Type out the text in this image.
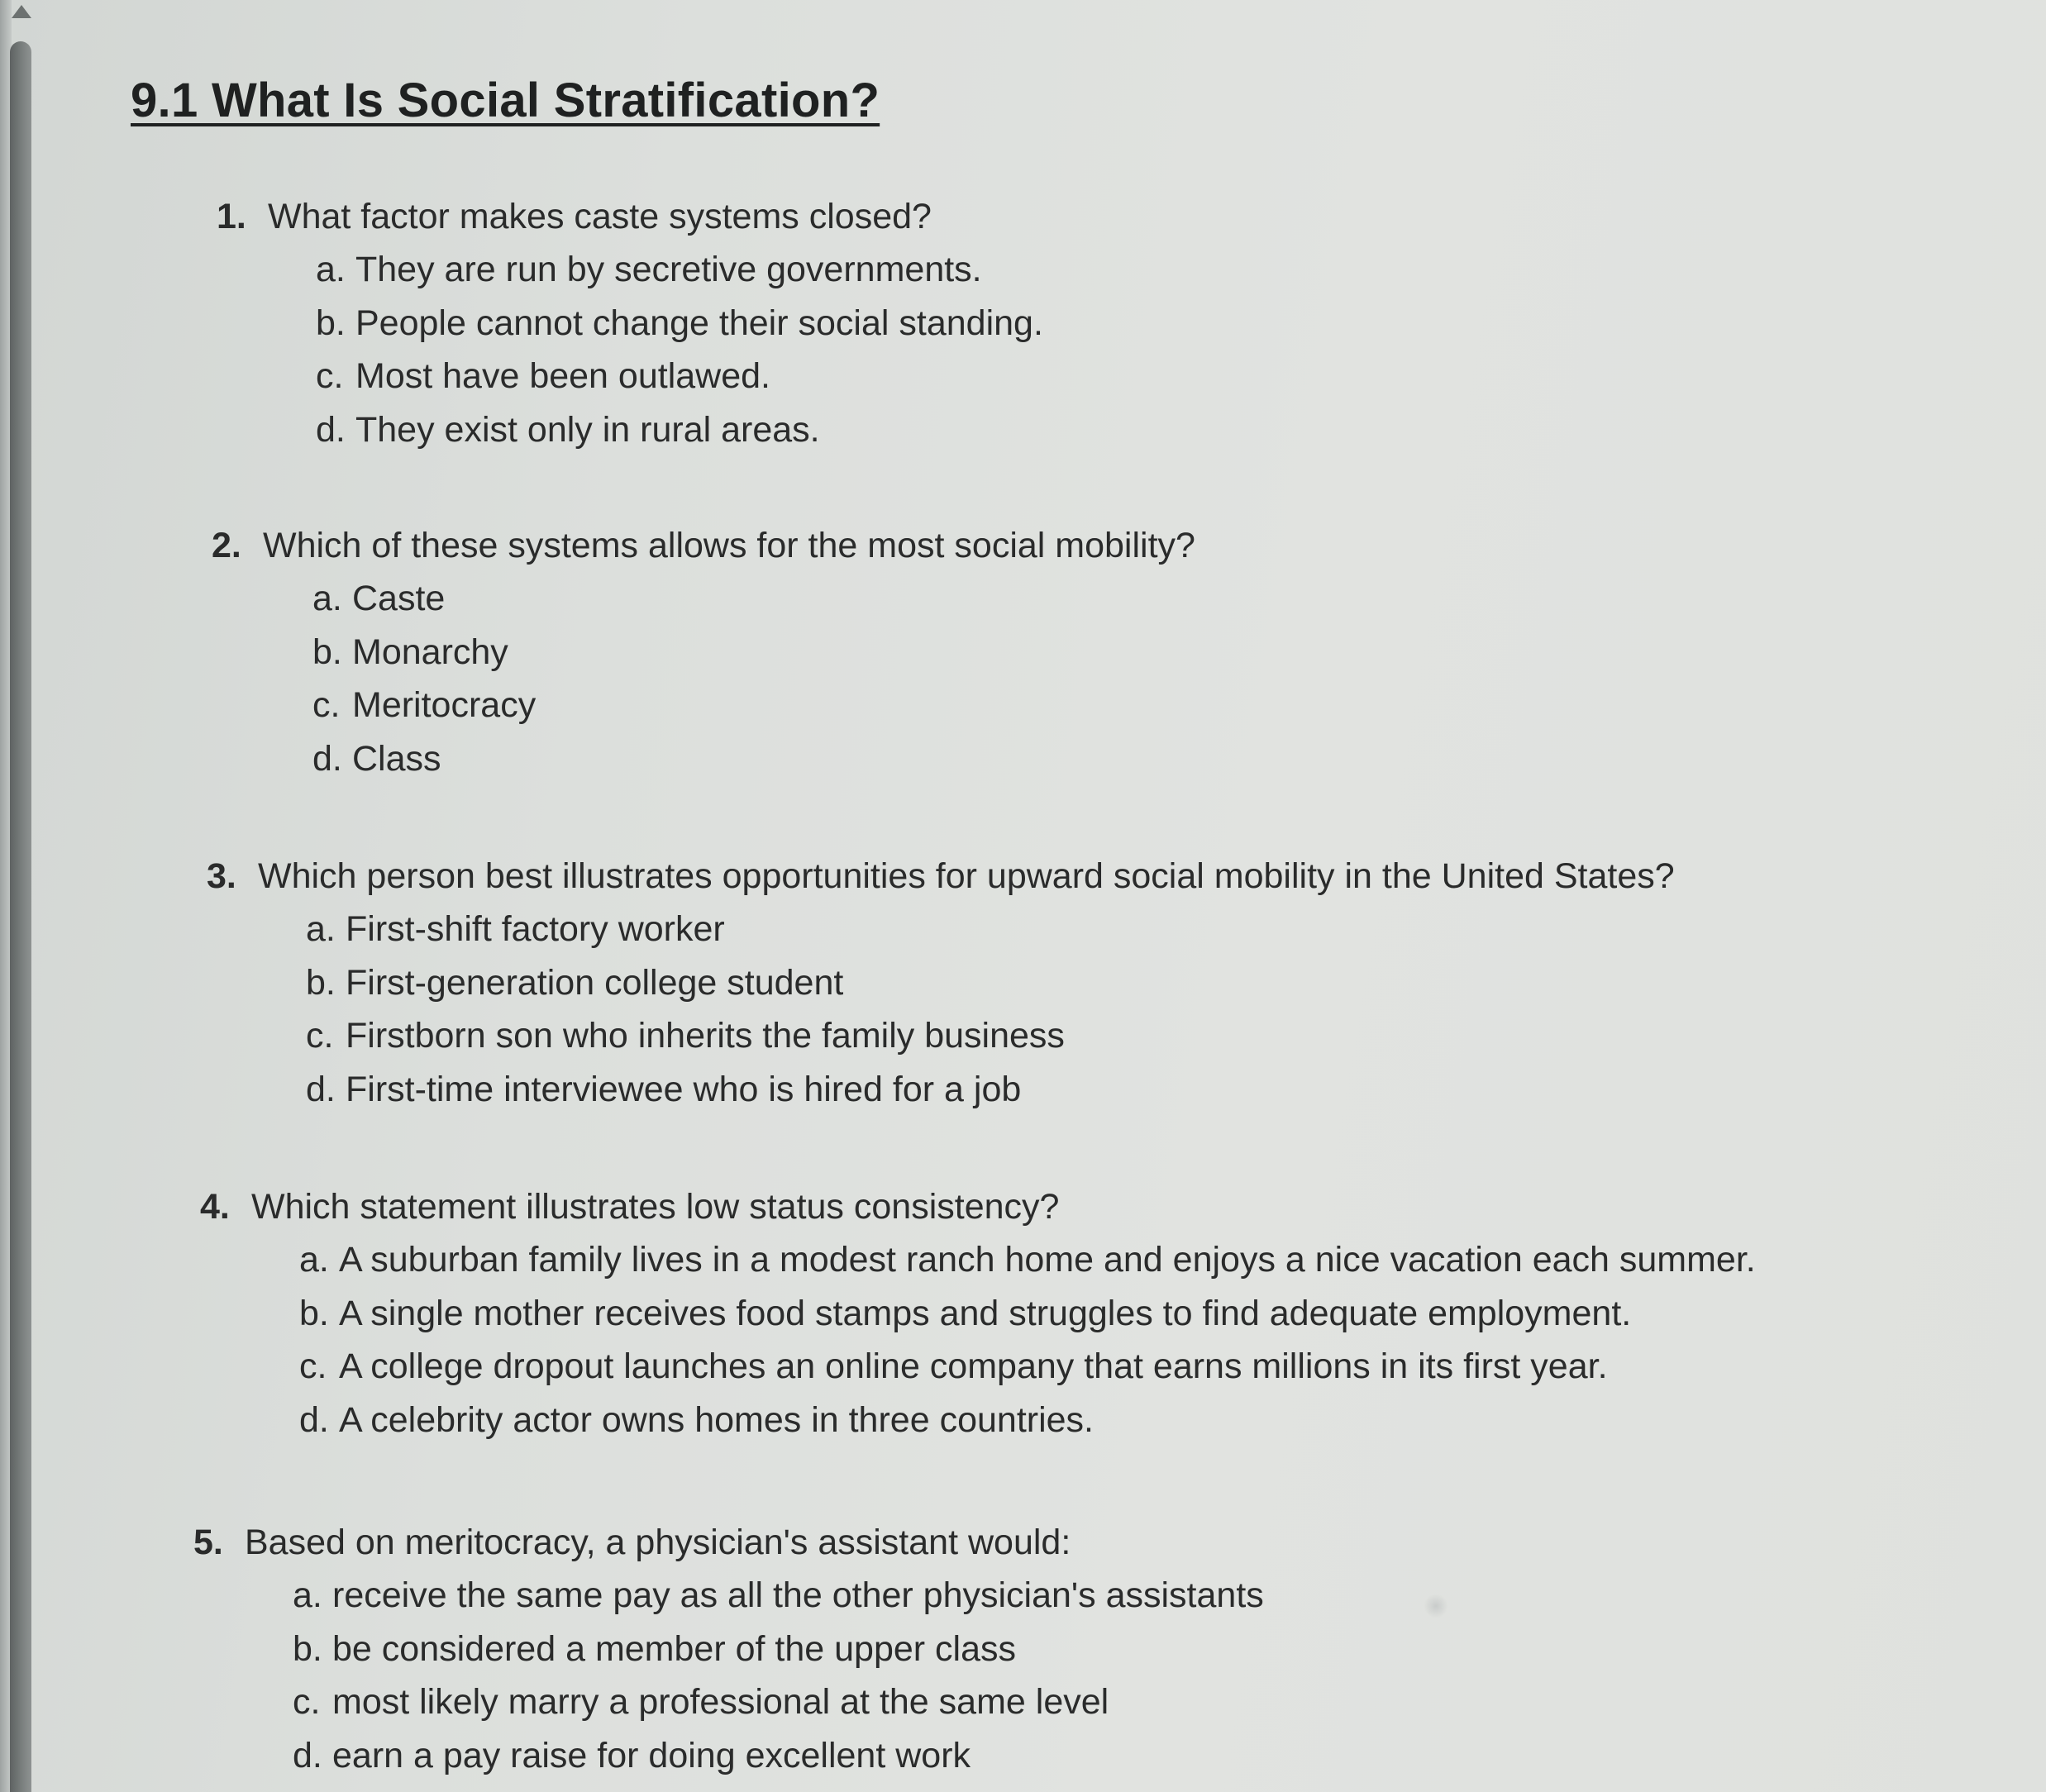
9.1 What Is Social Stratification?
1. What factor makes caste systems closed?
a. They are run by secretive governments.
b. People cannot change their social standing.
c. Most have been outlawed.
d. They exist only in rural areas.
2. Which of these systems allows for the most social mobility?
a. Caste
b. Monarchy
c. Meritocracy
d. Class
3. Which person best illustrates opportunities for upward social mobility in the United States?
a. First-shift factory worker
b. First-generation college student
c. Firstborn son who inherits the family business
d. First-time interviewee who is hired for a job
4. Which statement illustrates low status consistency?
a. A suburban family lives in a modest ranch home and enjoys a nice vacation each summer.
b. A single mother receives food stamps and struggles to find adequate employment.
c. A college dropout launches an online company that earns millions in its first year.
d. A celebrity actor owns homes in three countries.
5. Based on meritocracy, a physician's assistant would:
a. receive the same pay as all the other physician's assistants
b. be considered a member of the upper class
c. most likely marry a professional at the same level
d. earn a pay raise for doing excellent work
